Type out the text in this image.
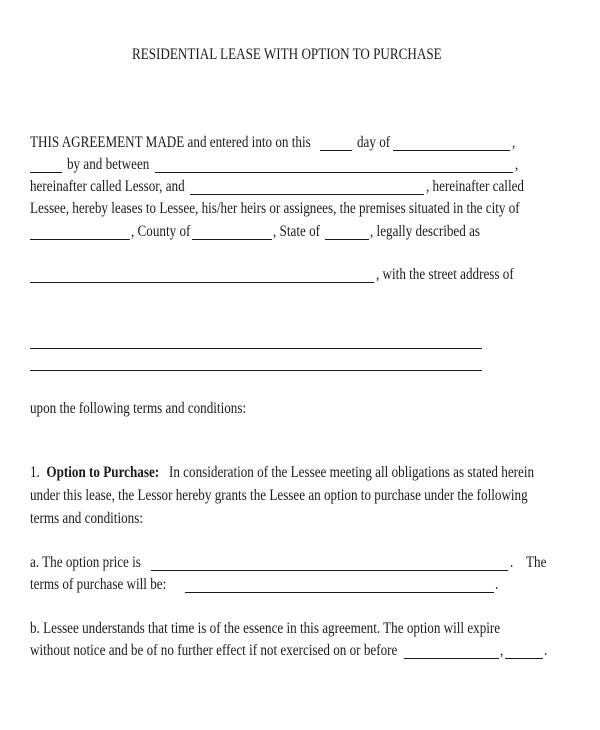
RESIDENTIAL LEASE WITH OPTION TO PURCHASE
THIS AGREEMENT MADE and entered into on this	day of	,
by and between	,
hereinafter called Lessor, and	, hereinafter called
Lessee, hereby leases to Lessee, his/her heirs or assignees, the premises situated in the city of
, County of	, State of	, legally described as
, with the street address of
upon the following terms and conditions:
1. Option to Purchase: In consideration of the Lessee meeting all obligations as stated herein
under this lease, the Lessor hereby grants the Lessee an option to purchase under the following
terms and conditions:
a. The option price is	. The
terms of purchase will be:	.
b. Lessee understands that time is of the essence in this agreement. The option will expire
without notice and be of no further effect if not exercised on or before	,	.
